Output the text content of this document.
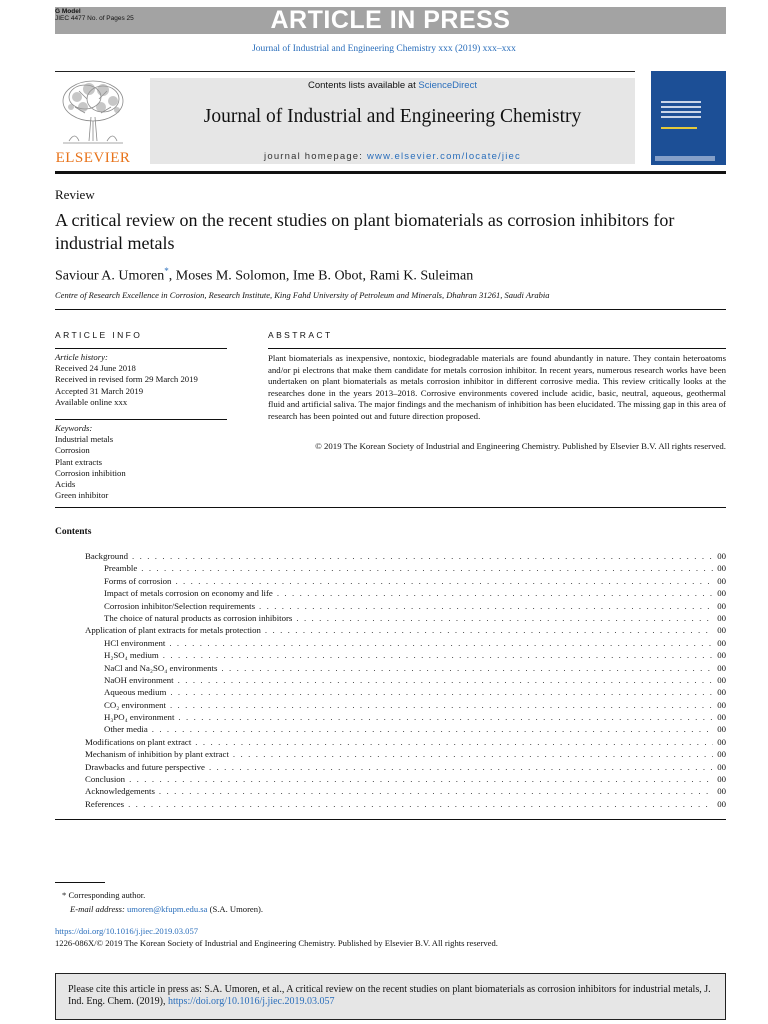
G Model
JIEC 4477 No. of Pages 25	ARTICLE IN PRESS
Journal of Industrial and Engineering Chemistry xxx (2019) xxx–xxx
ELSEVIER
Contents lists available at ScienceDirect
Journal of Industrial and Engineering Chemistry
journal homepage: www.elsevier.com/locate/jiec
Review
A critical review on the recent studies on plant biomaterials as corrosion inhibitors for industrial metals
Saviour A. Umoren*, Moses M. Solomon, Ime B. Obot, Rami K. Suleiman
Centre of Research Excellence in Corrosion, Research Institute, King Fahd University of Petroleum and Minerals, Dhahran 31261, Saudi Arabia
ARTICLE INFO	ABSTRACT
Article history:
Received 24 June 2018
Received in revised form 29 March 2019
Accepted 31 March 2019
Available online xxx
Keywords:
Industrial metals
Corrosion
Plant extracts
Corrosion inhibition
Acids
Green inhibitor
Plant biomaterials as inexpensive, nontoxic, biodegradable materials are found abundantly in nature. They contain heteroatoms and/or pi electrons that make them candidate for metals corrosion inhibitor. In recent years, numerous research works have been undertaken on plant biomaterials as metals corrosion inhibitor in different corrosive media. This review critically looks at the researches done in the years 2013–2018. Corrosive environments covered include acidic, basic, neutral, aqueous, geothermal fluid and artificial saliva. The major findings and the mechanism of inhibition has been elucidated. The missing gap in this area of research has been pointed out and future direction proposed.
© 2019 The Korean Society of Industrial and Engineering Chemistry. Published by Elsevier B.V. All rights reserved.
Contents
Background . . .	00
Preamble . . .	00
Forms of corrosion . . .	00
Impact of metals corrosion on economy and life . . .	00
Corrosion inhibitor/Selection requirements . . .	00
The choice of natural products as corrosion inhibitors . . .	00
Application of plant extracts for metals protection . . .	00
HCl environment . . .	00
H₂SO₄ medium . . .	00
NaCl and Na₂SO₄ environments . . .	00
NaOH environment . . .	00
Aqueous medium . . .	00
CO₂ environment . . .	00
H₃PO₄ environment . . .	00
Other media . . .	00
Modifications on plant extract . . .	00
Mechanism of inhibition by plant extract . . .	00
Drawbacks and future perspective . . .	00
Conclusion . . .	00
Acknowledgements . . .	00
References . . .	00
* Corresponding author.
E-mail address: umoren@kfupm.edu.sa (S.A. Umoren).
https://doi.org/10.1016/j.jiec.2019.03.057
1226-086X/© 2019 The Korean Society of Industrial and Engineering Chemistry. Published by Elsevier B.V. All rights reserved.
Please cite this article in press as: S.A. Umoren, et al., A critical review on the recent studies on plant biomaterials as corrosion inhibitors for industrial metals, J. Ind. Eng. Chem. (2019), https://doi.org/10.1016/j.jiec.2019.03.057
